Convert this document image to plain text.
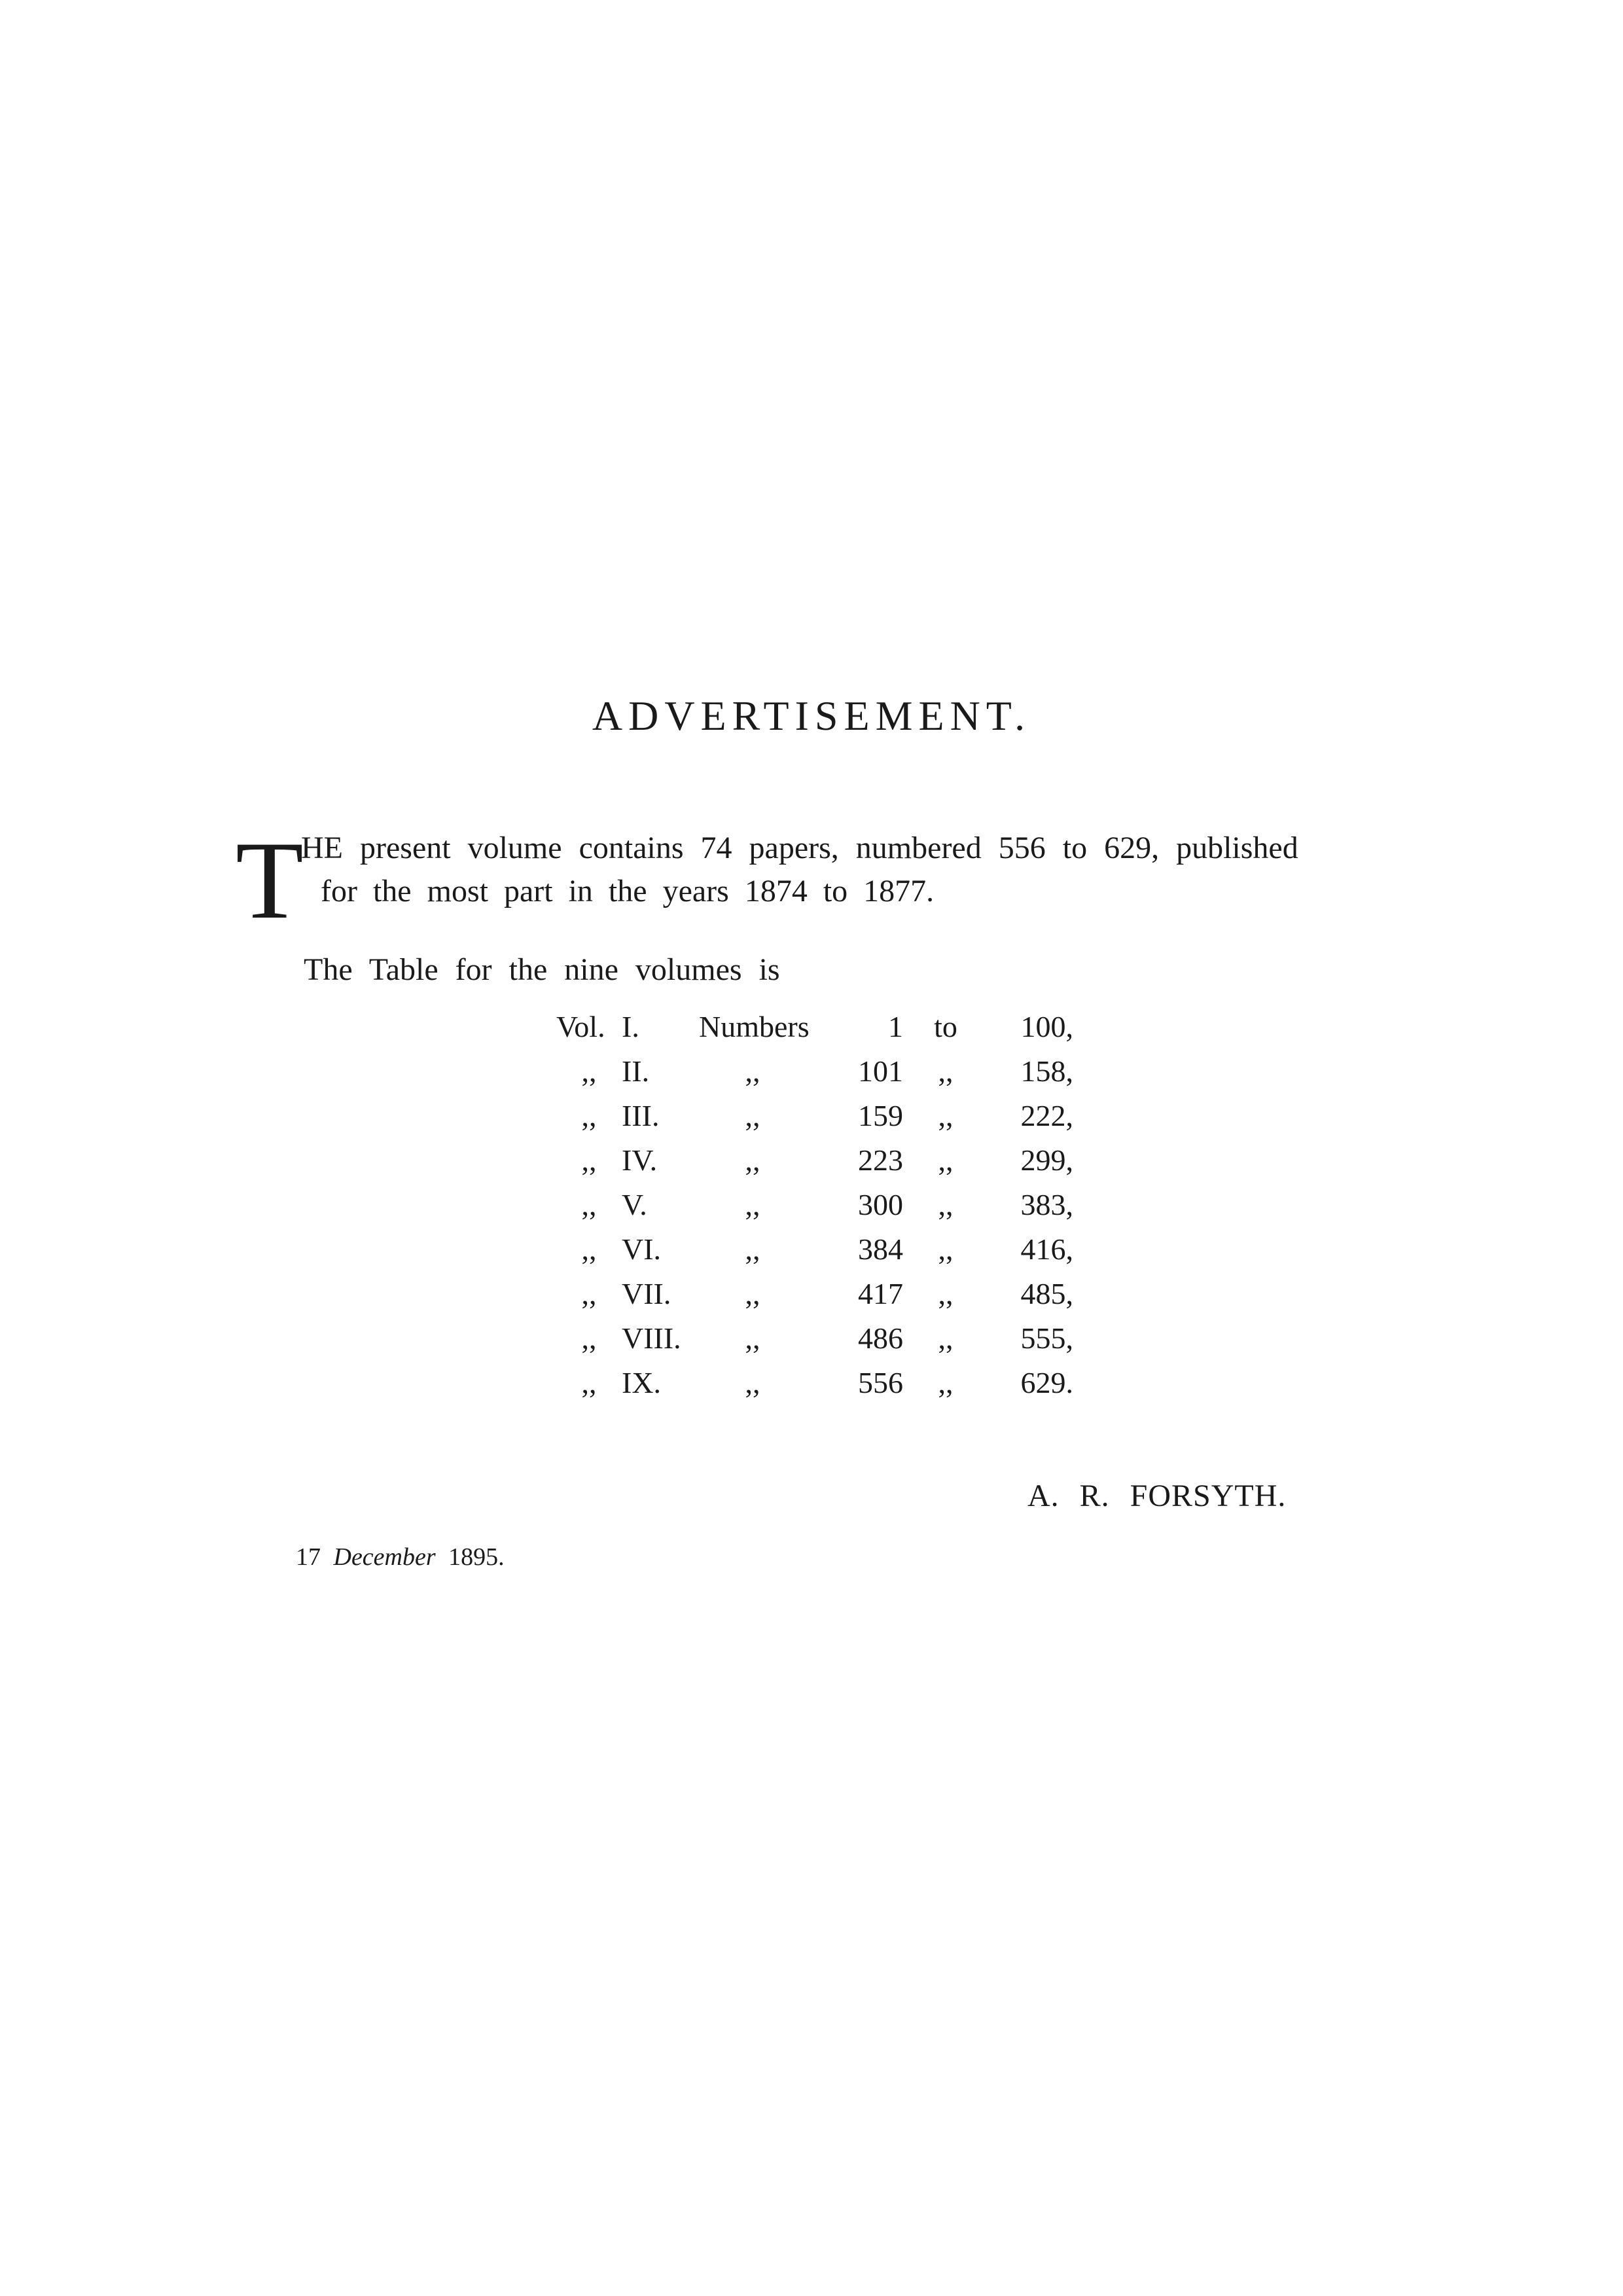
ADVERTISEMENT.
T
HE present volume contains 74 papers, numbered 556 to 629, published
for the most part in the years 1874 to 1877.
The Table for the nine volumes is
Vol. I.	Numbers	1	to	100,
,, II.	,,	101	,,	158,
,, III.	,,	159	,,	222,
,, IV.	,,	223	,,	299,
,, V.	,,	300	,,	383,
,, VI.	,,	384	,,	416,
,, VII.	,,	417	,,	485,
,, VIII.	,,	486	,,	555,
,, IX.	,,	556	,,	629.
A. R. FORSYTH.
17 December 1895.
